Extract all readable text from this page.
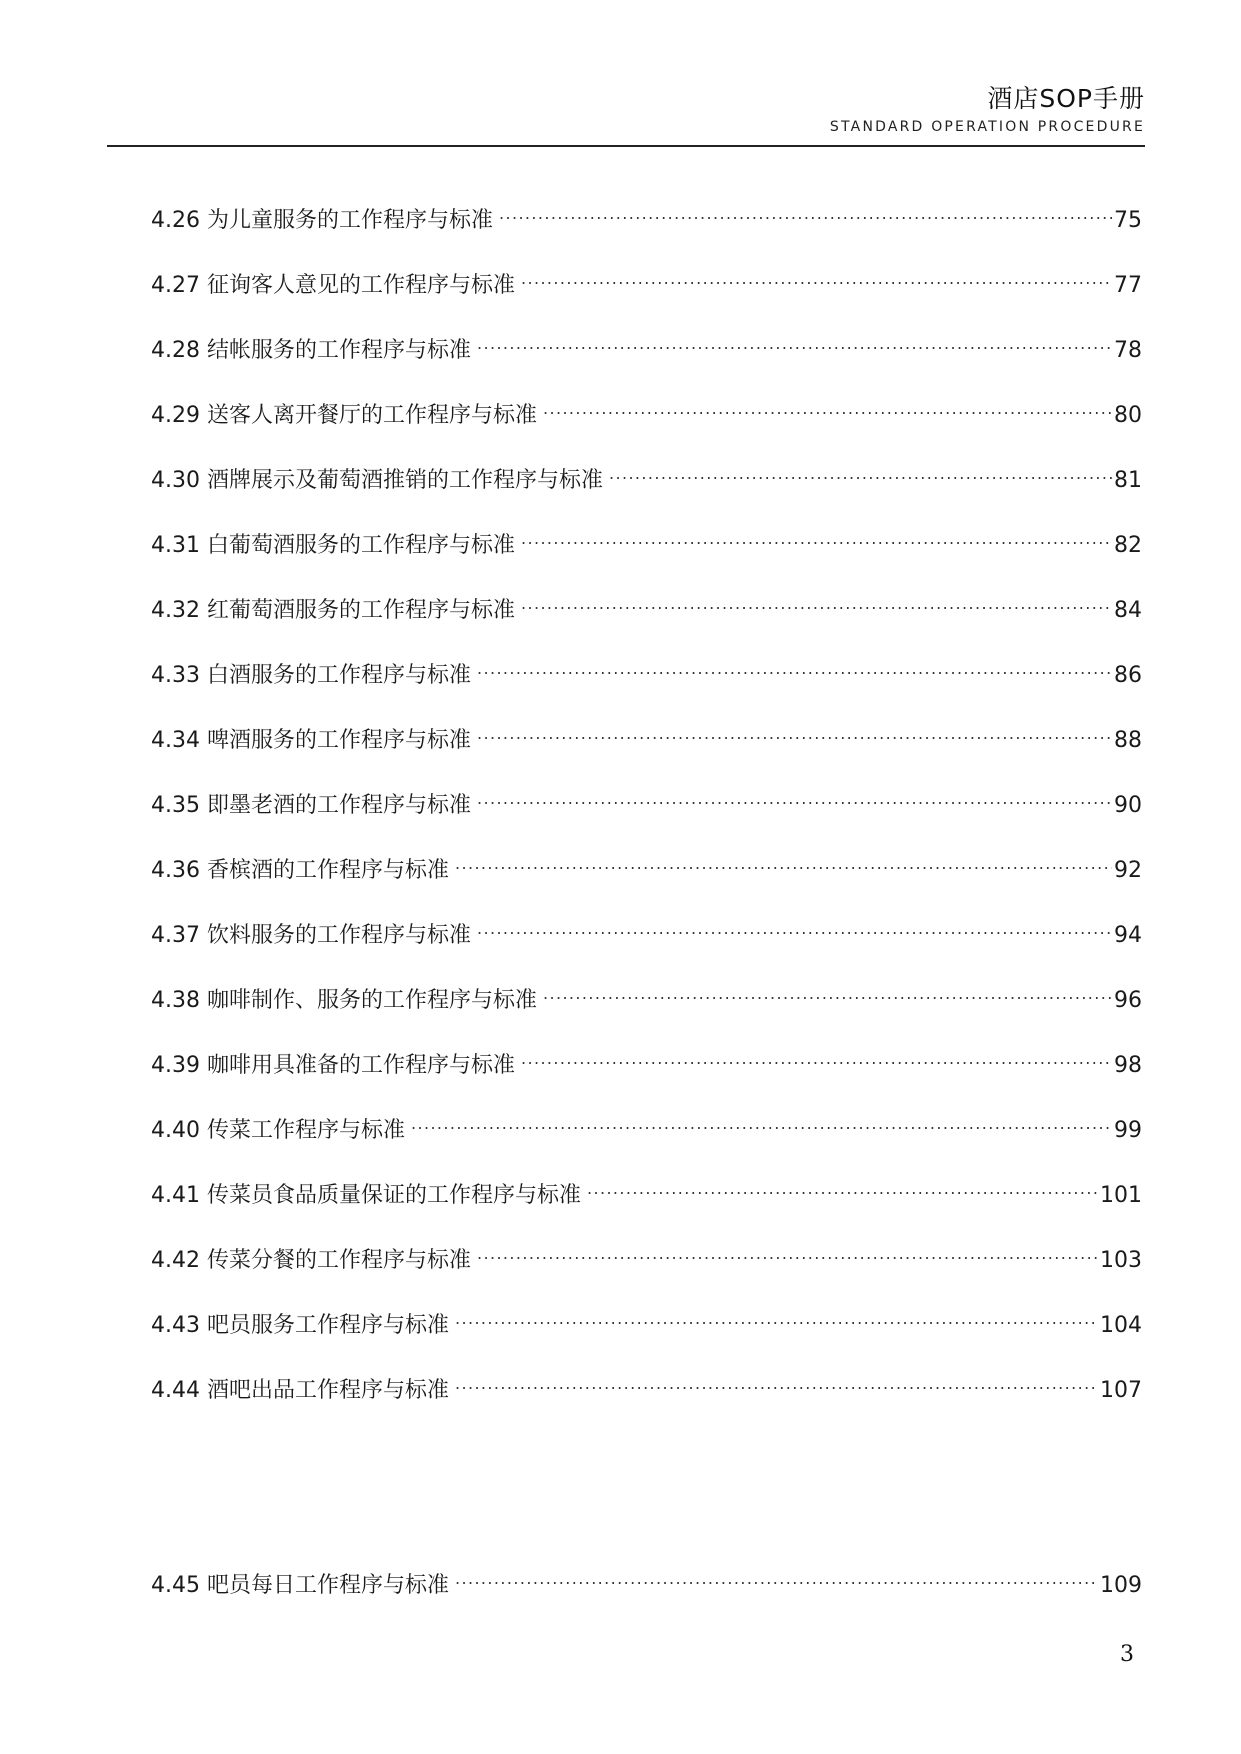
酒店SOP手册
STANDARD OPERATION PROCEDURE
4.26 为儿童服务的工作程序与标准 .....	75
4.27 征询客人意见的工作程序与标准 .....	77
4.28 结帐服务的工作程序与标准 .....	78
4.29 送客人离开餐厅的工作程序与标准 .....	80
4.30 酒牌展示及葡萄酒推销的工作程序与标准 .....	81
4.31 白葡萄酒服务的工作程序与标准 .....	82
4.32 红葡萄酒服务的工作程序与标准 .....	84
4.33 白酒服务的工作程序与标准 .....	86
4.34 啤酒服务的工作程序与标准 .....	88
4.35 即墨老酒的工作程序与标准 .....	90
4.36 香槟酒的工作程序与标准 .....	92
4.37 饮料服务的工作程序与标准 .....	94
4.38 咖啡制作、服务的工作程序与标准 .....	96
4.39 咖啡用具准备的工作程序与标准 .....	98
4.40 传菜工作程序与标准 .....	99
4.41 传菜员食品质量保证的工作程序与标准 .....	101
4.42 传菜分餐的工作程序与标准 .....	103
4.43 吧员服务工作程序与标准 .....	104
4.44 酒吧出品工作程序与标准 .....	107
4.45 吧员每日工作程序与标准 .....	109
3
